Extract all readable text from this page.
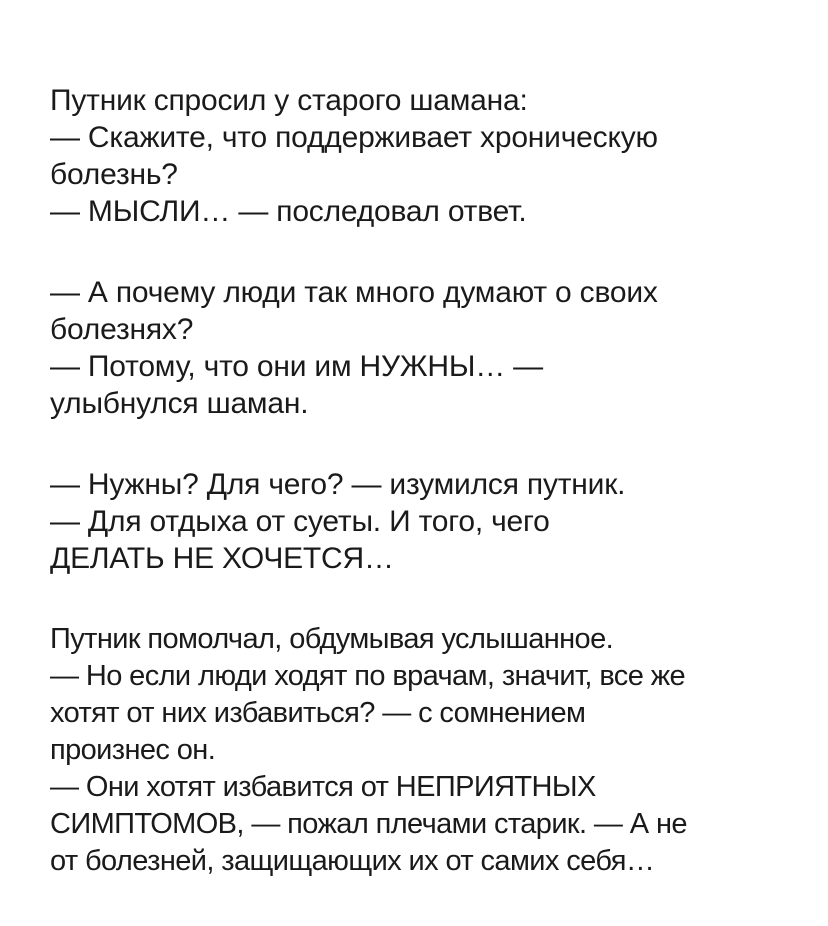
Путник спросил у старого шамана:
— Скажите, что поддерживает хроническую
болезнь?
— МЫСЛИ… — последовал ответ.
— А почему люди так много думают о своих
болезнях?
— Потому, что они им НУЖНЫ… —
улыбнулся шаман.
— Нужны? Для чего? — изумился путник.
— Для отдыха от суеты. И того, чего
ДЕЛАТЬ НЕ ХОЧЕТСЯ…
Путник помолчал, обдумывая услышанное.
— Но если люди ходят по врачам, значит, все же
хотят от них избавиться? — с сомнением
произнес он.
— Они хотят избавится от НЕПРИЯТНЫХ
СИМПТОМОВ, — пожал плечами старик. — А не
от болезней, защищающих их от самих себя…
